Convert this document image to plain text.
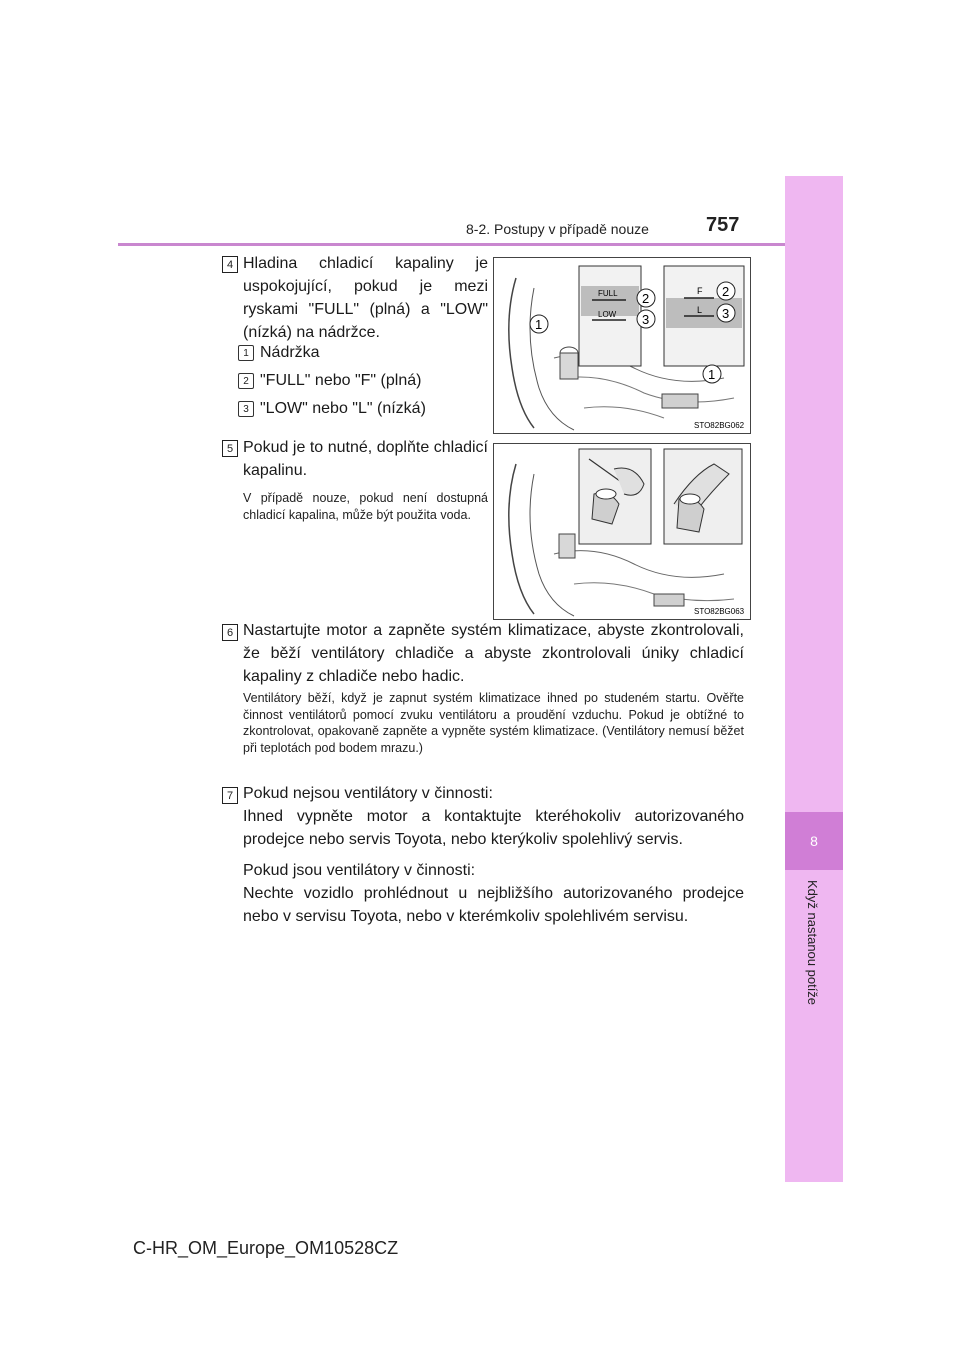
8
Když nastanou potíže
8-2. Postupy v případě nouze	757
4 Hladina chladicí kapaliny je uspokojující, pokud je mezi ryskami "FULL" (plná) a "LOW" (nízká) na nádržce.
1 Nádržka
2 "FULL" nebo "F" (plná)
3 "LOW" nebo "L" (nízká)
FULL
LOW
F
L
2
3
2
3
1
1
STO82BG062
5 Pokud je to nutné, doplňte chladicí kapalinu.
V případě nouze, pokud není dostupná chladicí kapalina, může být použita voda.
STO82BG063
6 Nastartujte motor a zapněte systém klimatizace, abyste zkontrolovali, že běží ventilátory chladiče a abyste zkontrolovali úniky chladicí kapaliny z chladiče nebo hadic.
Ventilátory běží, když je zapnut systém klimatizace ihned po studeném startu. Ověřte činnost ventilátorů pomocí zvuku ventilátoru a proudění vzduchu. Pokud je obtížné to zkontrolovat, opakovaně zapněte a vypněte systém klimatizace. (Ventilátory nemusí běžet při teplotách pod bodem mrazu.)
7 Pokud nejsou ventilátory v činnosti:
Ihned vypněte motor a kontaktujte kteréhokoliv autorizovaného prodejce nebo servis Toyota, nebo kterýkoliv spolehlivý servis.
Pokud jsou ventilátory v činnosti:
Nechte vozidlo prohlédnout u nejbližšího autorizovaného prodejce nebo v servisu Toyota, nebo v kterémkoliv spolehlivém servisu.
C-HR_OM_Europe_OM10528CZ
